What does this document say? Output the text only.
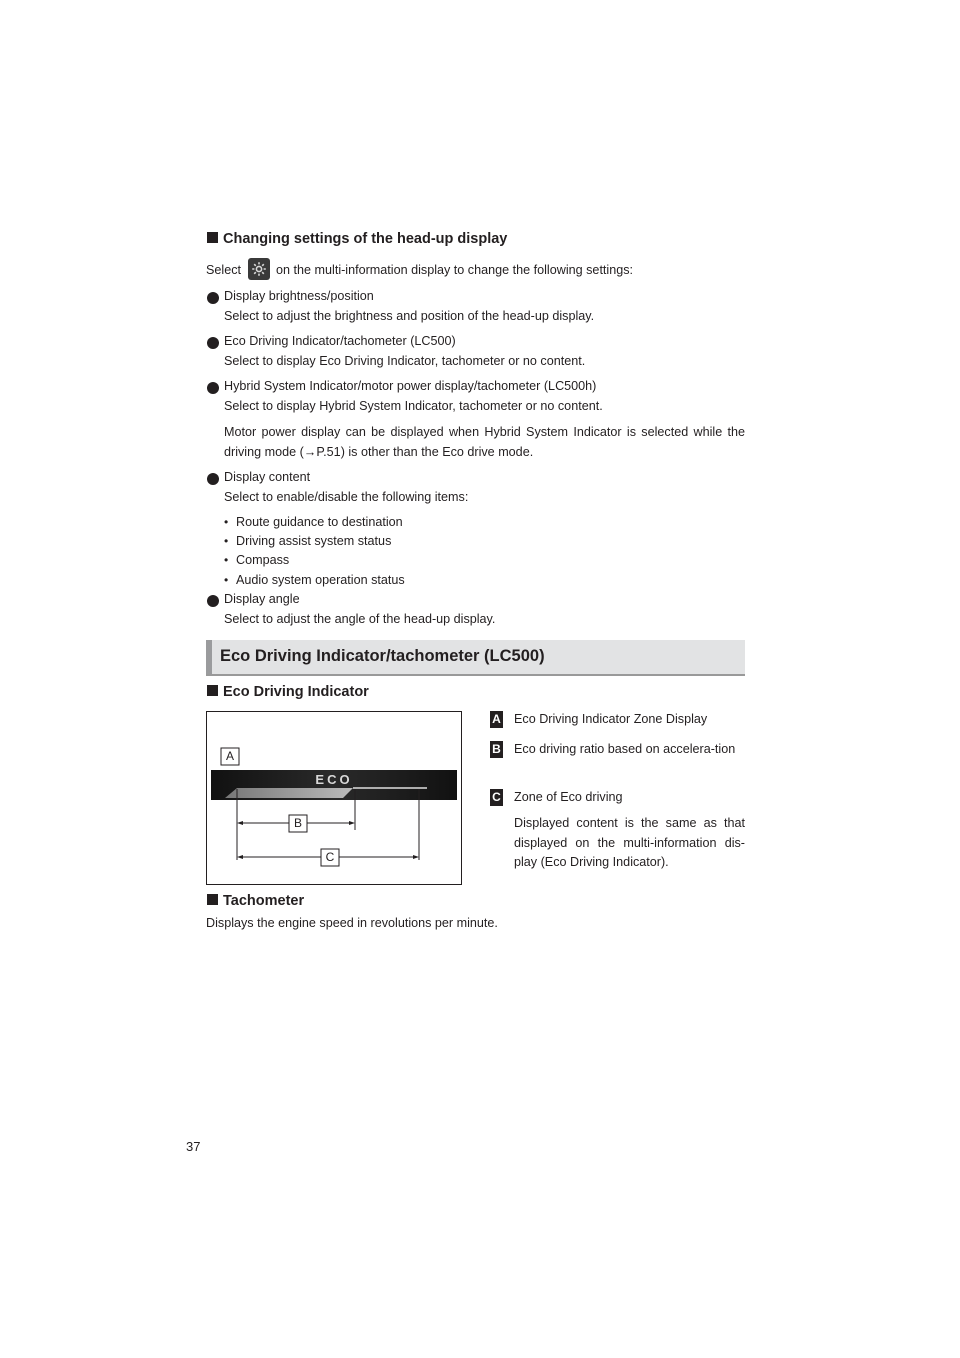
Changing settings of the head-up display
Select	on the multi-information display to change the following settings:
Display brightness/position
Select to adjust the brightness and position of the head-up display.
Eco Driving Indicator/tachometer (LC500)
Select to display Eco Driving Indicator, tachometer or no content.
Hybrid System Indicator/motor power display/tachometer (LC500h)
Select to display Hybrid System Indicator, tachometer or no content.
Motor power display can be displayed when Hybrid System Indicator is selected while the driving mode (→P.51) is other than the Eco drive mode.
Display content
Select to enable/disable the following items:
• Route guidance to destination
• Driving assist system status
• Compass
• Audio system operation status
Display angle
Select to adjust the angle of the head-up display.
Eco Driving Indicator/tachometer (LC500)
Eco Driving Indicator
ECO
A
B
C
A Eco Driving Indicator Zone Display
B Eco driving ratio based on accelera-tion
C Zone of Eco driving
Displayed content is the same as that displayed on the multi-information dis-play (Eco Driving Indicator).
Tachometer
Displays the engine speed in revolutions per minute.
37
